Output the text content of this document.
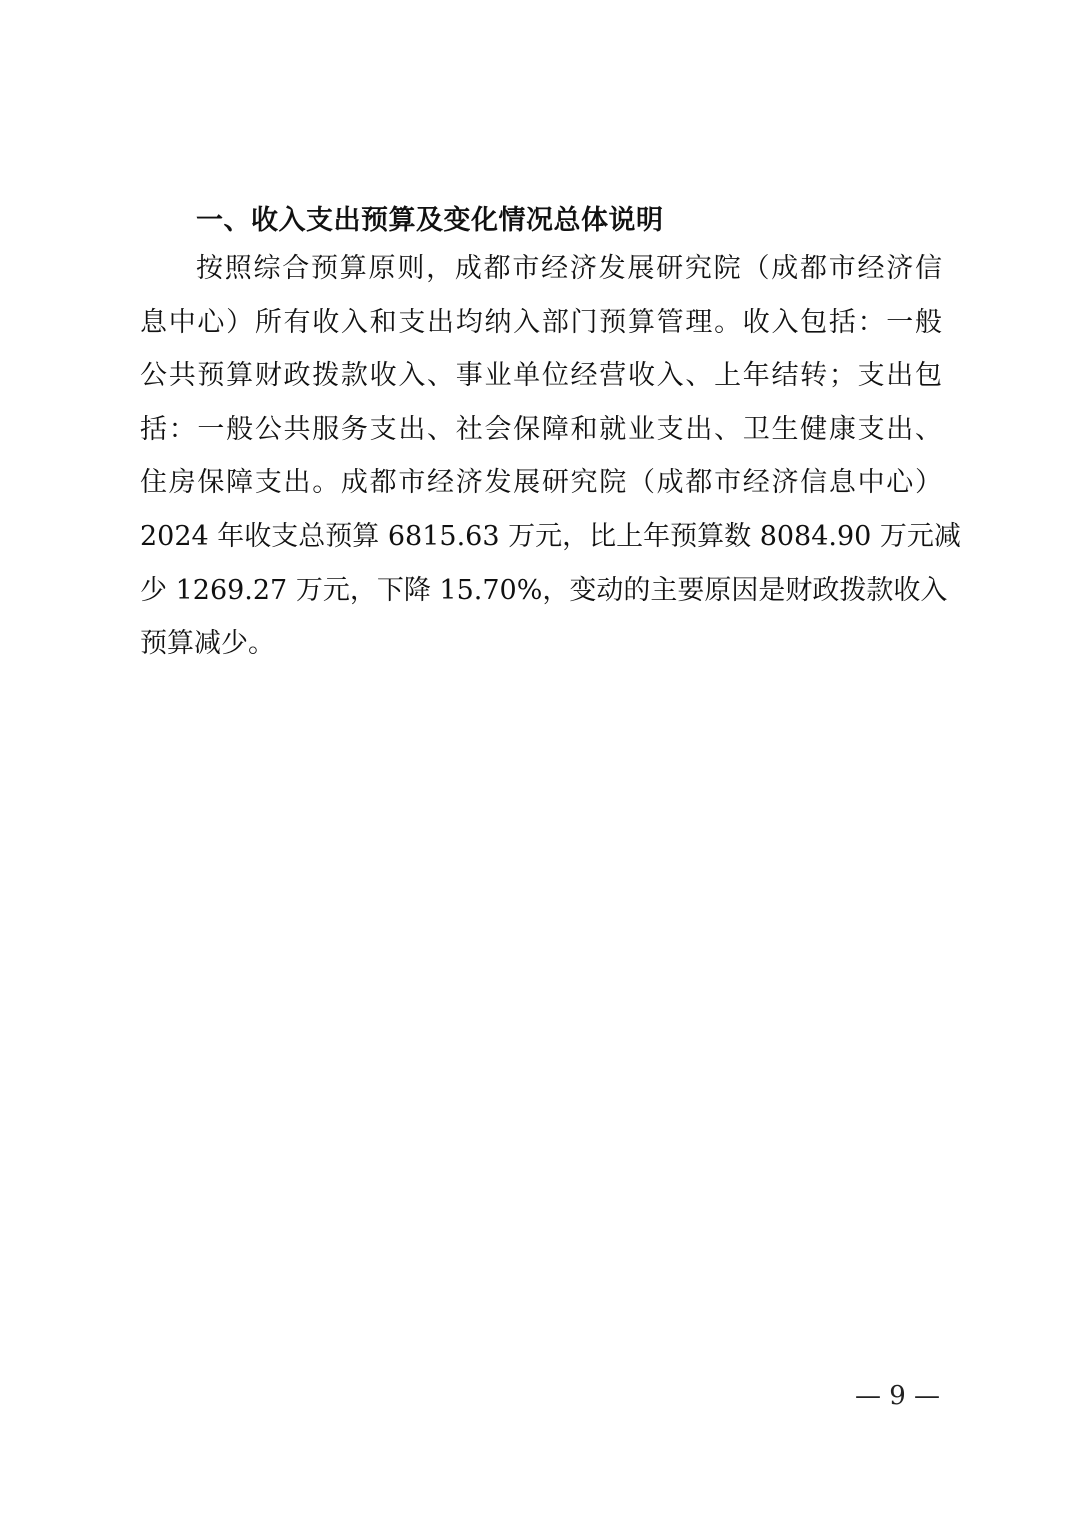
一、收入支出预算及变化情况总体说明
按照综合预算原则，成都市经济发展研究院（成都市经济信
息中心）所有收入和支出均纳入部门预算管理。收入包括：一般
公共预算财政拨款收入、事业单位经营收入、上年结转；支出包
括：一般公共服务支出、社会保障和就业支出、卫生健康支出、
住房保障支出。成都市经济发展研究院（成都市经济信息中心）
2024 年收支总预算 6815.63 万元，比上年预算数 8084.90 万元减
少 1269.27 万元，下降 15.70%，变动的主要原因是财政拨款收入
预算减少。
— 9 —
